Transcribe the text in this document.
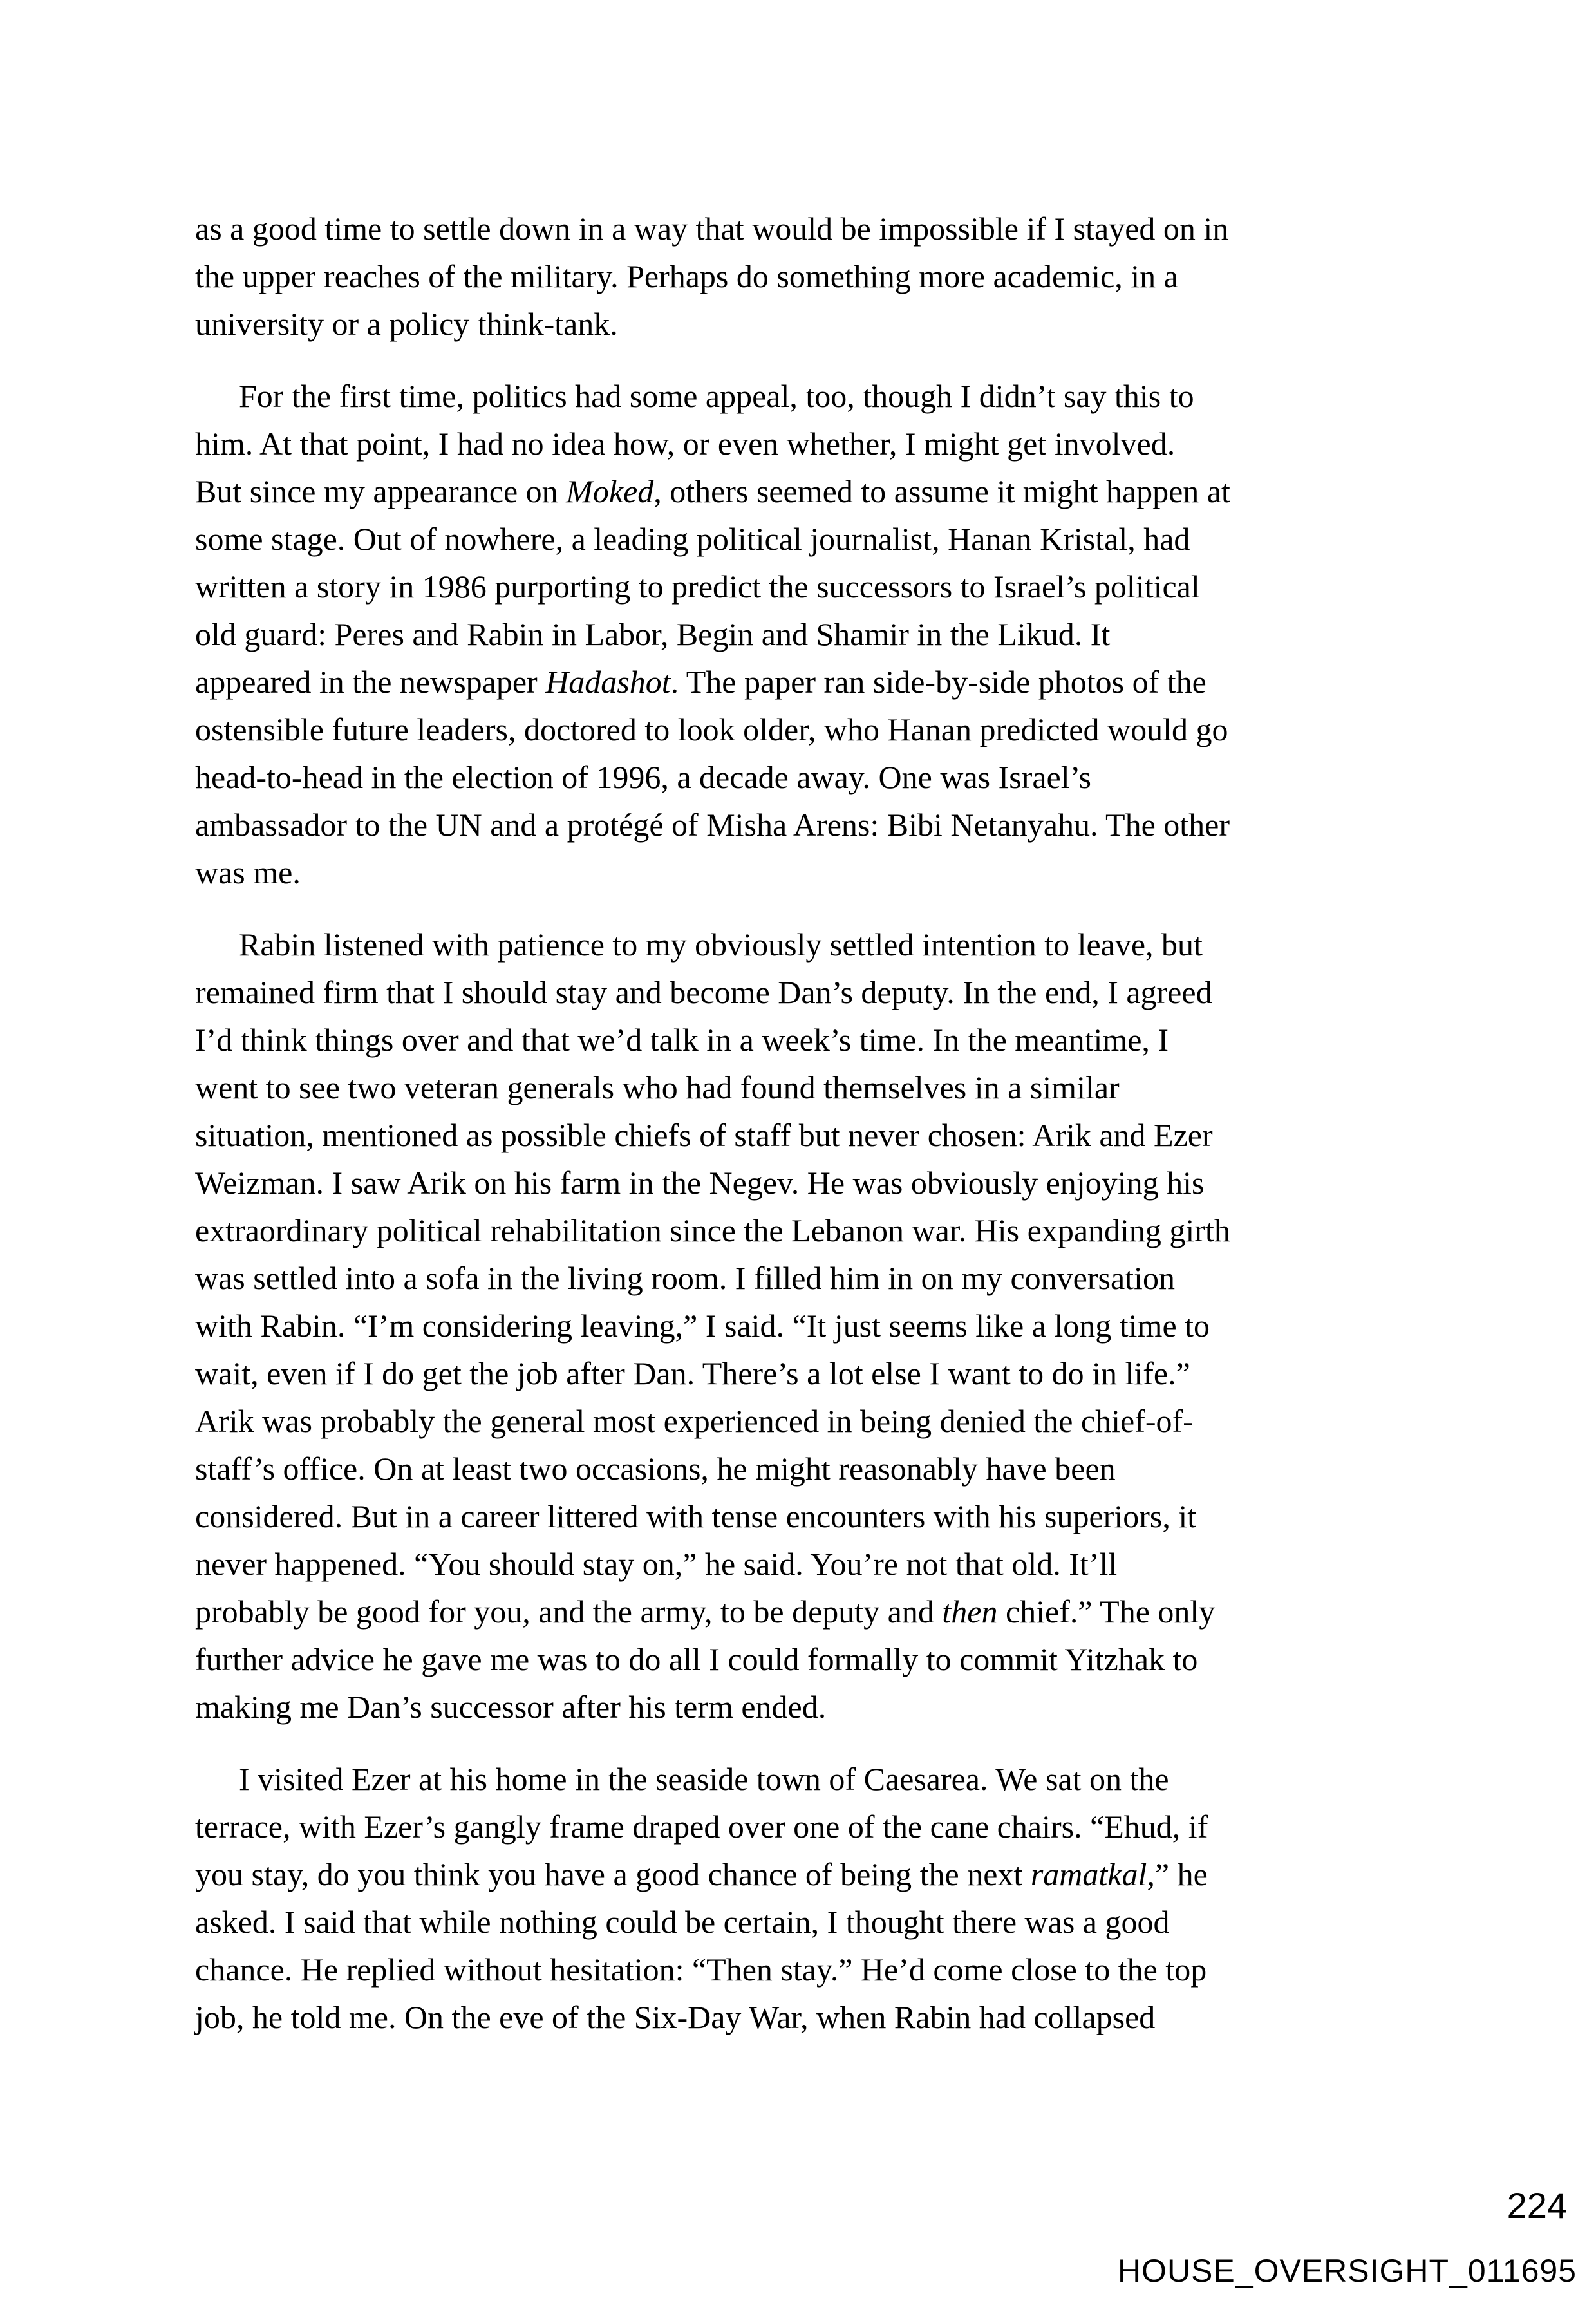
as a good time to settle down in a way that would be impossible if I stayed on in
the upper reaches of the military. Perhaps do something more academic, in a
university or a policy think-tank.
For the first time, politics had some appeal, too, though I didn’t say this to
him. At that point, I had no idea how, or even whether, I might get involved.
But since my appearance on Moked, others seemed to assume it might happen at
some stage. Out of nowhere, a leading political journalist, Hanan Kristal, had
written a story in 1986 purporting to predict the successors to Israel’s political
old guard: Peres and Rabin in Labor, Begin and Shamir in the Likud. It
appeared in the newspaper Hadashot. The paper ran side-by-side photos of the
ostensible future leaders, doctored to look older, who Hanan predicted would go
head-to-head in the election of 1996, a decade away. One was Israel’s
ambassador to the UN and a protégé of Misha Arens: Bibi Netanyahu. The other
was me.
Rabin listened with patience to my obviously settled intention to leave, but
remained firm that I should stay and become Dan’s deputy. In the end, I agreed
I’d think things over and that we’d talk in a week’s time. In the meantime, I
went to see two veteran generals who had found themselves in a similar
situation, mentioned as possible chiefs of staff but never chosen: Arik and Ezer
Weizman. I saw Arik on his farm in the Negev. He was obviously enjoying his
extraordinary political rehabilitation since the Lebanon war. His expanding girth
was settled into a sofa in the living room. I filled him in on my conversation
with Rabin. “I’m considering leaving,” I said. “It just seems like a long time to
wait, even if I do get the job after Dan. There’s a lot else I want to do in life.”
Arik was probably the general most experienced in being denied the chief-of-
staff’s office. On at least two occasions, he might reasonably have been
considered. But in a career littered with tense encounters with his superiors, it
never happened. “You should stay on,” he said. You’re not that old. It’ll
probably be good for you, and the army, to be deputy and then chief.” The only
further advice he gave me was to do all I could formally to commit Yitzhak to
making me Dan’s successor after his term ended.
I visited Ezer at his home in the seaside town of Caesarea. We sat on the
terrace, with Ezer’s gangly frame draped over one of the cane chairs. “Ehud, if
you stay, do you think you have a good chance of being the next ramatkal,” he
asked. I said that while nothing could be certain, I thought there was a good
chance. He replied without hesitation: “Then stay.” He’d come close to the top
job, he told me. On the eve of the Six-Day War, when Rabin had collapsed
224
HOUSE_OVERSIGHT_011695
